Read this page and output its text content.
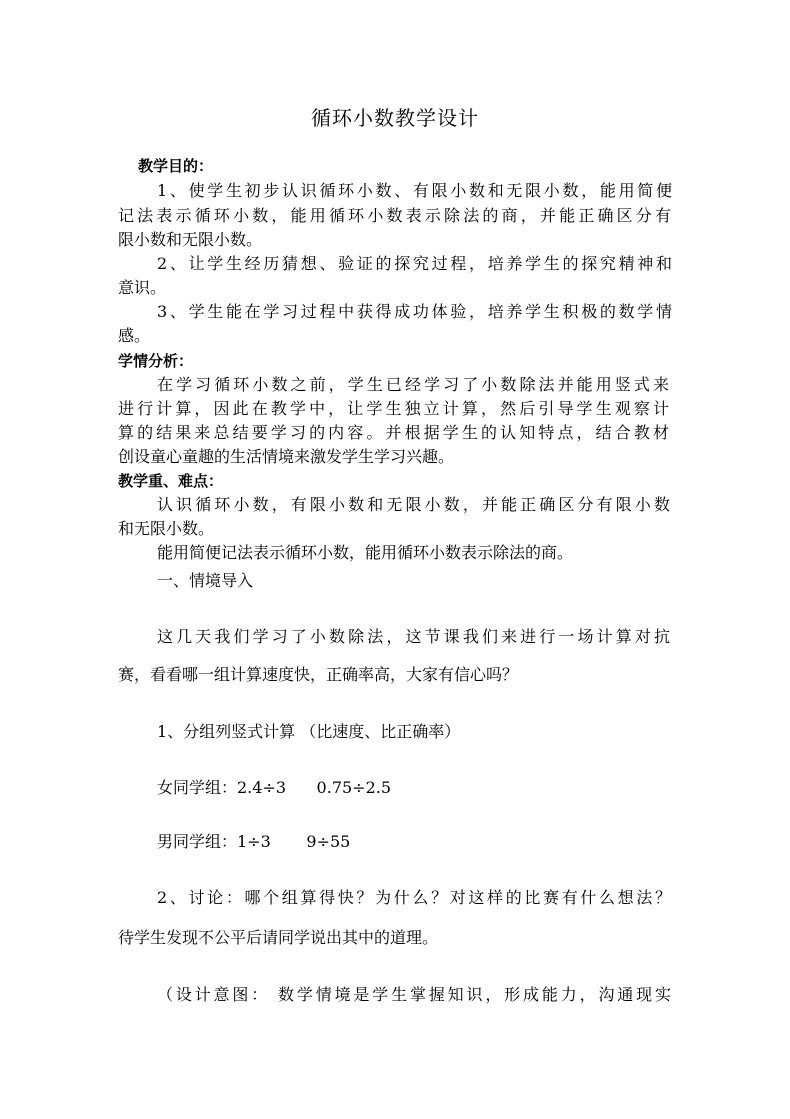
循环小数教学设计
教学目的：
1、使学生初步认识循环小数、有限小数和无限小数，能用简便
记法表示循环小数，能用循环小数表示除法的商，并能正确区分有
限小数和无限小数。
2、让学生经历猜想、验证的探究过程，培养学生的探究精神和
意识。
3、学生能在学习过程中获得成功体验，培养学生积极的数学情
感。
学情分析：
在学习循环小数之前，学生已经学习了小数除法并能用竖式来
进行计算，因此在教学中，让学生独立计算，然后引导学生观察计
算的结果来总结要学习的内容。并根据学生的认知特点，结合教材
创设童心童趣的生活情境来激发学生学习兴趣。
教学重、难点：
认识循环小数，有限小数和无限小数，并能正确区分有限小数
和无限小数。
能用简便记法表示循环小数，能用循环小数表示除法的商。
一、情境导入
这几天我们学习了小数除法，这节课我们来进行一场计算对抗
赛，看看哪一组计算速度快，正确率高，大家有信心吗？
1、分组列竖式计算 （比速度、比正确率）
女同学组：2.4÷3      0.75÷2.5
男同学组：1÷3       9÷55
2、讨论：哪个组算得快？为什么？对这样的比赛有什么想法？
待学生发现不公平后请同学说出其中的道理。
（设计意图： 数学情境是学生掌握知识，形成能力，沟通现实
